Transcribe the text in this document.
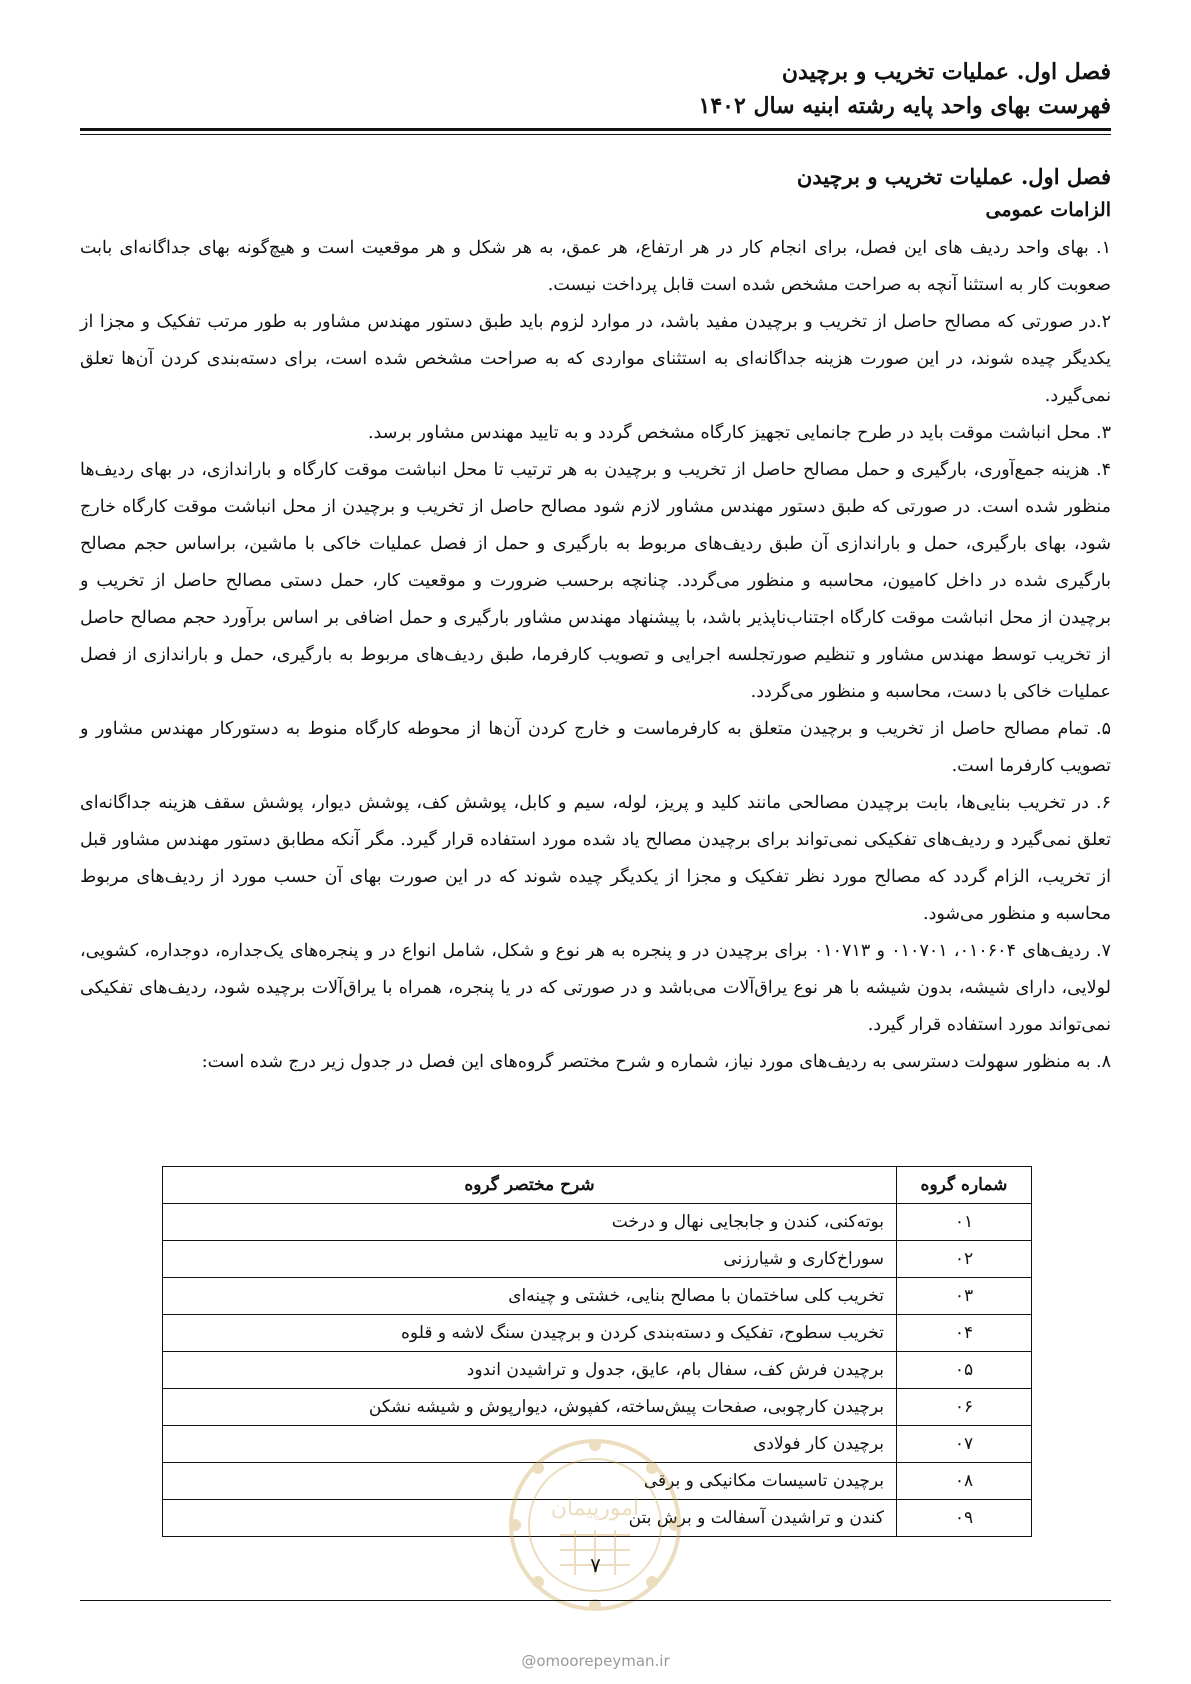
فصل اول. عملیات تخریب و برچیدن
فهرست بهای واحد پایه رشته ابنیه سال ۱۴۰۲
فصل اول. عملیات تخریب و برچیدن
الزامات عمومی

۱. بهای واحد ردیف های این فصل، برای انجام کار در هر ارتفاع، هر عمق، به هر شکل و هر موقعیت است و هیچ‌گونه بهای جداگانه‌ای بابت صعوبت کار به استثنا آنچه به صراحت مشخص شده است قابل پرداخت نیست.

۲.در صورتی که مصالح حاصل از تخریب و برچیدن مفید باشد، در موارد لزوم باید طبق دستور مهندس مشاور به طور مرتب تفکیک و مجزا از یکدیگر چیده شوند، در این صورت هزینه جداگانه‌ای به استثنای مواردی که به صراحت مشخص شده است، برای دسته‌بندی کردن آن‌ها تعلق نمی‌گیرد.

۳. محل انباشت موقت باید در طرح جانمایی تجهیز کارگاه مشخص گردد و به تایید مهندس مشاور برسد.

۴. هزینه جمع‌آوری، بارگیری و حمل مصالح حاصل از تخریب و برچیدن به هر ترتیب تا محل انباشت موقت کارگاه و باراندازی، در بهای ردیف‌ها منظور شده است. در صورتی که طبق دستور مهندس مشاور لازم شود مصالح حاصل از تخریب و برچیدن از محل انباشت موقت کارگاه خارج شود، بهای بارگیری، حمل و باراندازی آن طبق ردیف‌های مربوط به بارگیری و حمل از فصل عملیات خاکی با ماشین، براساس حجم مصالح بارگیری شده در داخل کامیون، محاسبه و منظور می‌گردد. چنانچه برحسب ضرورت و موقعیت کار، حمل دستی مصالح حاصل از تخریب و برچیدن از محل انباشت موقت کارگاه اجتناب‌ناپذیر باشد، با پیشنهاد مهندس مشاور بارگیری و حمل اضافی بر اساس برآورد حجم مصالح حاصل از تخریب توسط مهندس مشاور و تنظیم صورتجلسه اجرایی و تصویب کارفرما، طبق ردیف‌های مربوط به بارگیری، حمل و باراندازی از فصل عملیات خاکی با دست، محاسبه و منظور می‌گردد.

۵. تمام مصالح حاصل از تخریب و برچیدن متعلق به کارفرماست و خارج کردن آن‌ها از محوطه کارگاه منوط به دستورکار مهندس مشاور و تصویب کارفرما است.

۶. در تخریب بنایی‌ها، بابت برچیدن مصالحی مانند کلید و پریز، لوله، سیم و کابل، پوشش کف، پوشش دیوار، پوشش سقف هزینه جداگانه‌ای تعلق نمی‌گیرد و ردیف‌های تفکیکی نمی‌تواند برای برچیدن مصالح یاد شده مورد استفاده قرار گیرد. مگر آنکه مطابق دستور مهندس مشاور قبل از تخریب، الزام گردد که مصالح مورد نظر تفکیک و مجزا از یکدیگر چیده شوند که در این صورت بهای آن حسب مورد از ردیف‌های مربوط محاسبه و منظور می‌شود.

۷. ردیف‌های ۰۱۰۶۰۴، ۰۱۰۷۰۱ و ۰۱۰۷۱۳ برای برچیدن در و پنجره به هر نوع و شکل، شامل انواع در و پنجره‌های یک‌جداره، دوجداره، کشویی، لولایی، دارای شیشه، بدون شیشه با هر نوع یراق‌آلات می‌باشد و در صورتی که در یا پنجره، همراه با یراق‌آلات برچیده شود، ردیف‌های تفکیکی نمی‌تواند مورد استفاده قرار گیرد.

۸. به منظور سهولت دسترسی به ردیف‌های مورد نیاز، شماره و شرح مختصر گروه‌های این فصل در جدول زیر درج شده است:

شماره گروه	شرح مختصر گروه
۰۱	بوته‌کنی، کندن و جابجایی نهال و درخت
۰۲	سوراخ‌کاری و شیارزنی
۰۳	تخریب کلی ساختمان با مصالح بنایی، خشتی و چینه‌ای
۰۴	تخریب سطوح، تفکیک و دسته‌بندی کردن و برچیدن سنگ لاشه و قلوه
۰۵	برچیدن فرش کف، سفال بام، عایق، جدول و تراشیدن اندود
۰۶	برچیدن کارچوبی، صفحات پیش‌ساخته، کفپوش، دیوارپوش و شیشه نشکن
۰۷	برچیدن کار فولادی
۰۸	برچیدن تاسیسات مکانیکی و برقی
۰۹	کندن و تراشیدن آسفالت و برش بتن
امورپیمان
۷
@omoorepeyman.ir
